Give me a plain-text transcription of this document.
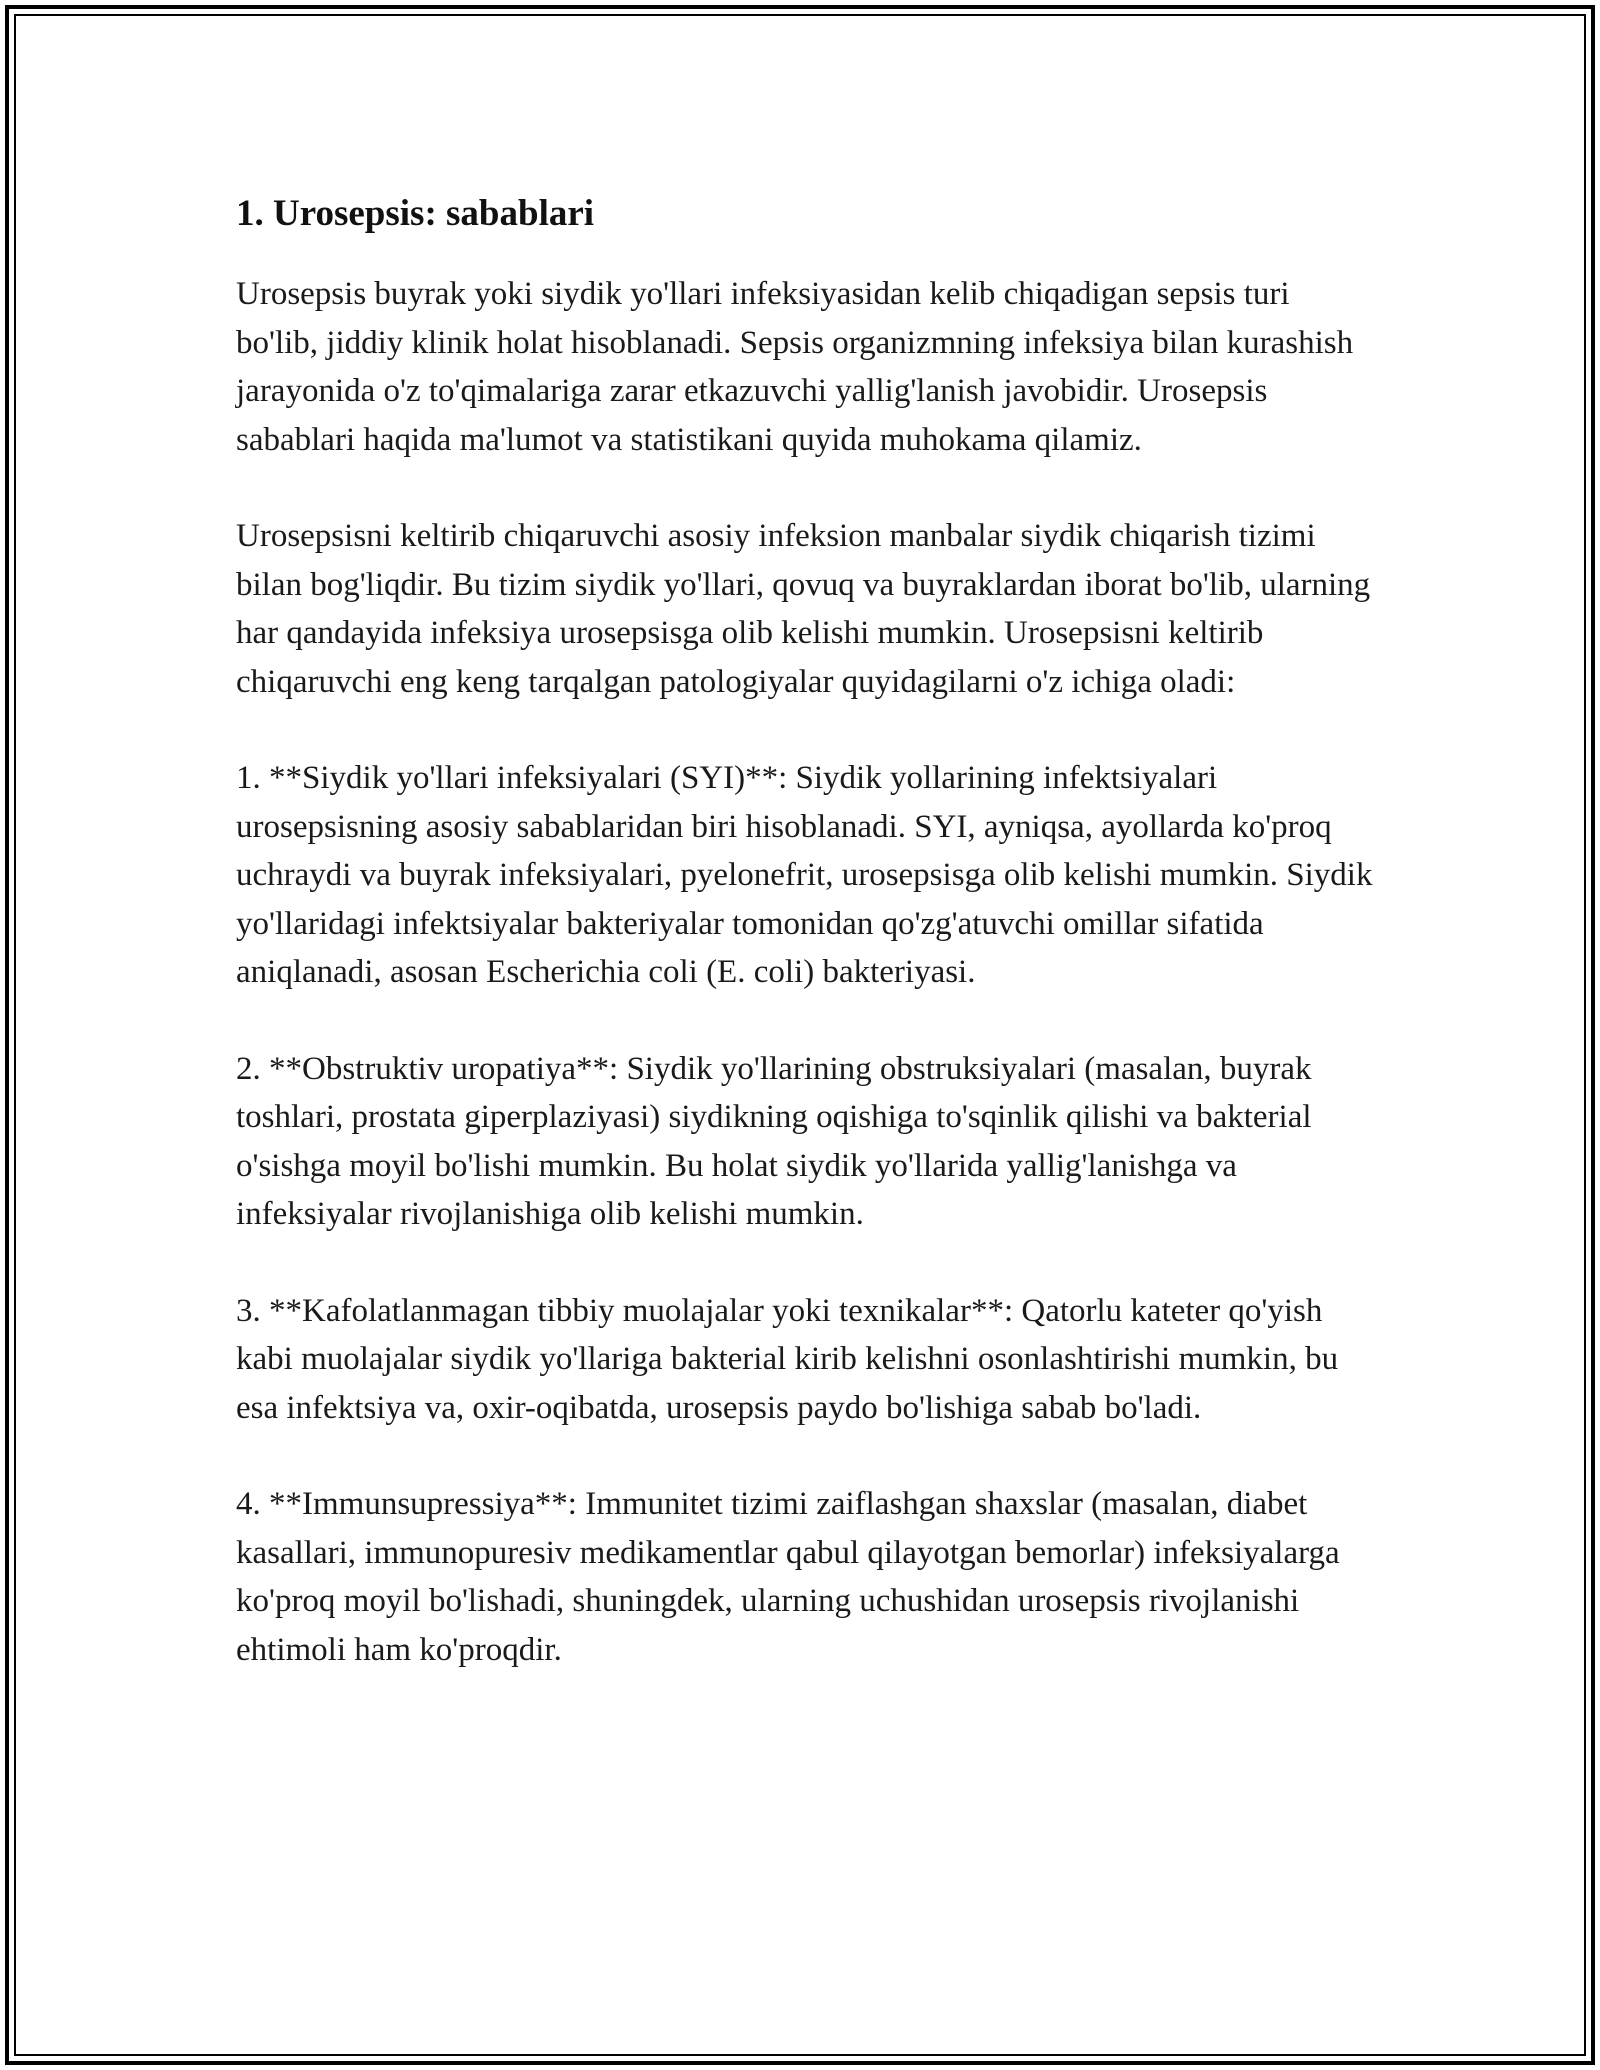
1. Urosepsis: sabablari

Urosepsis buyrak yoki siydik yo'llari infeksiyasidan kelib chiqadigan sepsis turi bo'lib, jiddiy klinik holat hisoblanadi. Sepsis organizmning infeksiya bilan kurashish jarayonida o'z to'qimalariga zarar etkazuvchi yallig'lanish javobidir. Urosepsis sabablari haqida ma'lumot va statistikani quyida muhokama qilamiz.

Urosepsisni keltirib chiqaruvchi asosiy infeksion manbalar siydik chiqarish tizimi bilan bog'liqdir. Bu tizim siydik yo'llari, qovuq va buyraklardan iborat bo'lib, ularning har qandayida infeksiya urosepsisga olib kelishi mumkin. Urosepsisni keltirib chiqaruvchi eng keng tarqalgan patologiyalar quyidagilarni o'z ichiga oladi:

1. **Siydik yo'llari infeksiyalari (SYI)**: Siydik yollarining infektsiyalari urosepsisning asosiy sabablaridan biri hisoblanadi. SYI, ayniqsa, ayollarda ko'proq uchraydi va buyrak infeksiyalari, pyelonefrit, urosepsisga olib kelishi mumkin. Siydik yo'llaridagi infektsiyalar bakteriyalar tomonidan qo'zg'atuvchi omillar sifatida aniqlanadi, asosan Escherichia coli (E. coli) bakteriyasi.

2. **Obstruktiv uropatiya**: Siydik yo'llarining obstruksiyalari (masalan, buyrak toshlari, prostata giperplaziyasi) siydikning oqishiga to'sqinlik qilishi va bakterial o'sishga moyil bo'lishi mumkin. Bu holat siydik yo'llarida yallig'lanishga va infeksiyalar rivojlanishiga olib kelishi mumkin.

3. **Kafolatlanmagan tibbiy muolajalar yoki texnikalar**: Qatorlu kateter qo'yish kabi muolajalar siydik yo'llariga bakterial kirib kelishni osonlashtirishi mumkin, bu esa infektsiya va, oxir-oqibatda, urosepsis paydo bo'lishiga sabab bo'ladi.

4. **Immunsupressiya**: Immunitet tizimi zaiflashgan shaxslar (masalan, diabet kasallari, immunopuresiv medikamentlar qabul qilayotgan bemorlar) infeksiyalarga ko'proq moyil bo'lishadi, shuningdek, ularning uchushidan urosepsis rivojlanishi ehtimoli ham ko'proqdir.
